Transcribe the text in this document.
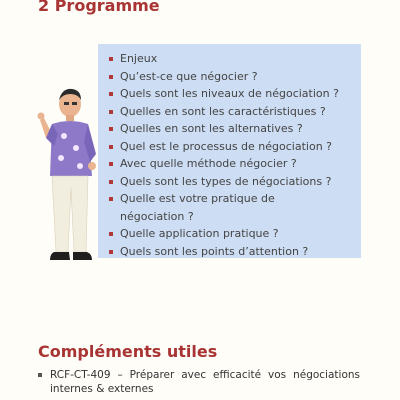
2 Programme
Enjeux
Qu’est-ce que négocier ?
Quels sont les niveaux de négociation ?
Quelles en sont les caractéristiques ?
Quelles en sont les alternatives ?
Quel est le processus de négociation ?
Avec quelle méthode négocier ?
Quels sont les types de négociations ?
Quelle est votre pratique de négociation ?
Quelle application pratique ?
Quels sont les points d’attention ?
Compléments utiles
RCF-CT-409 – Préparer avec efficacité vos négociations internes & externes
